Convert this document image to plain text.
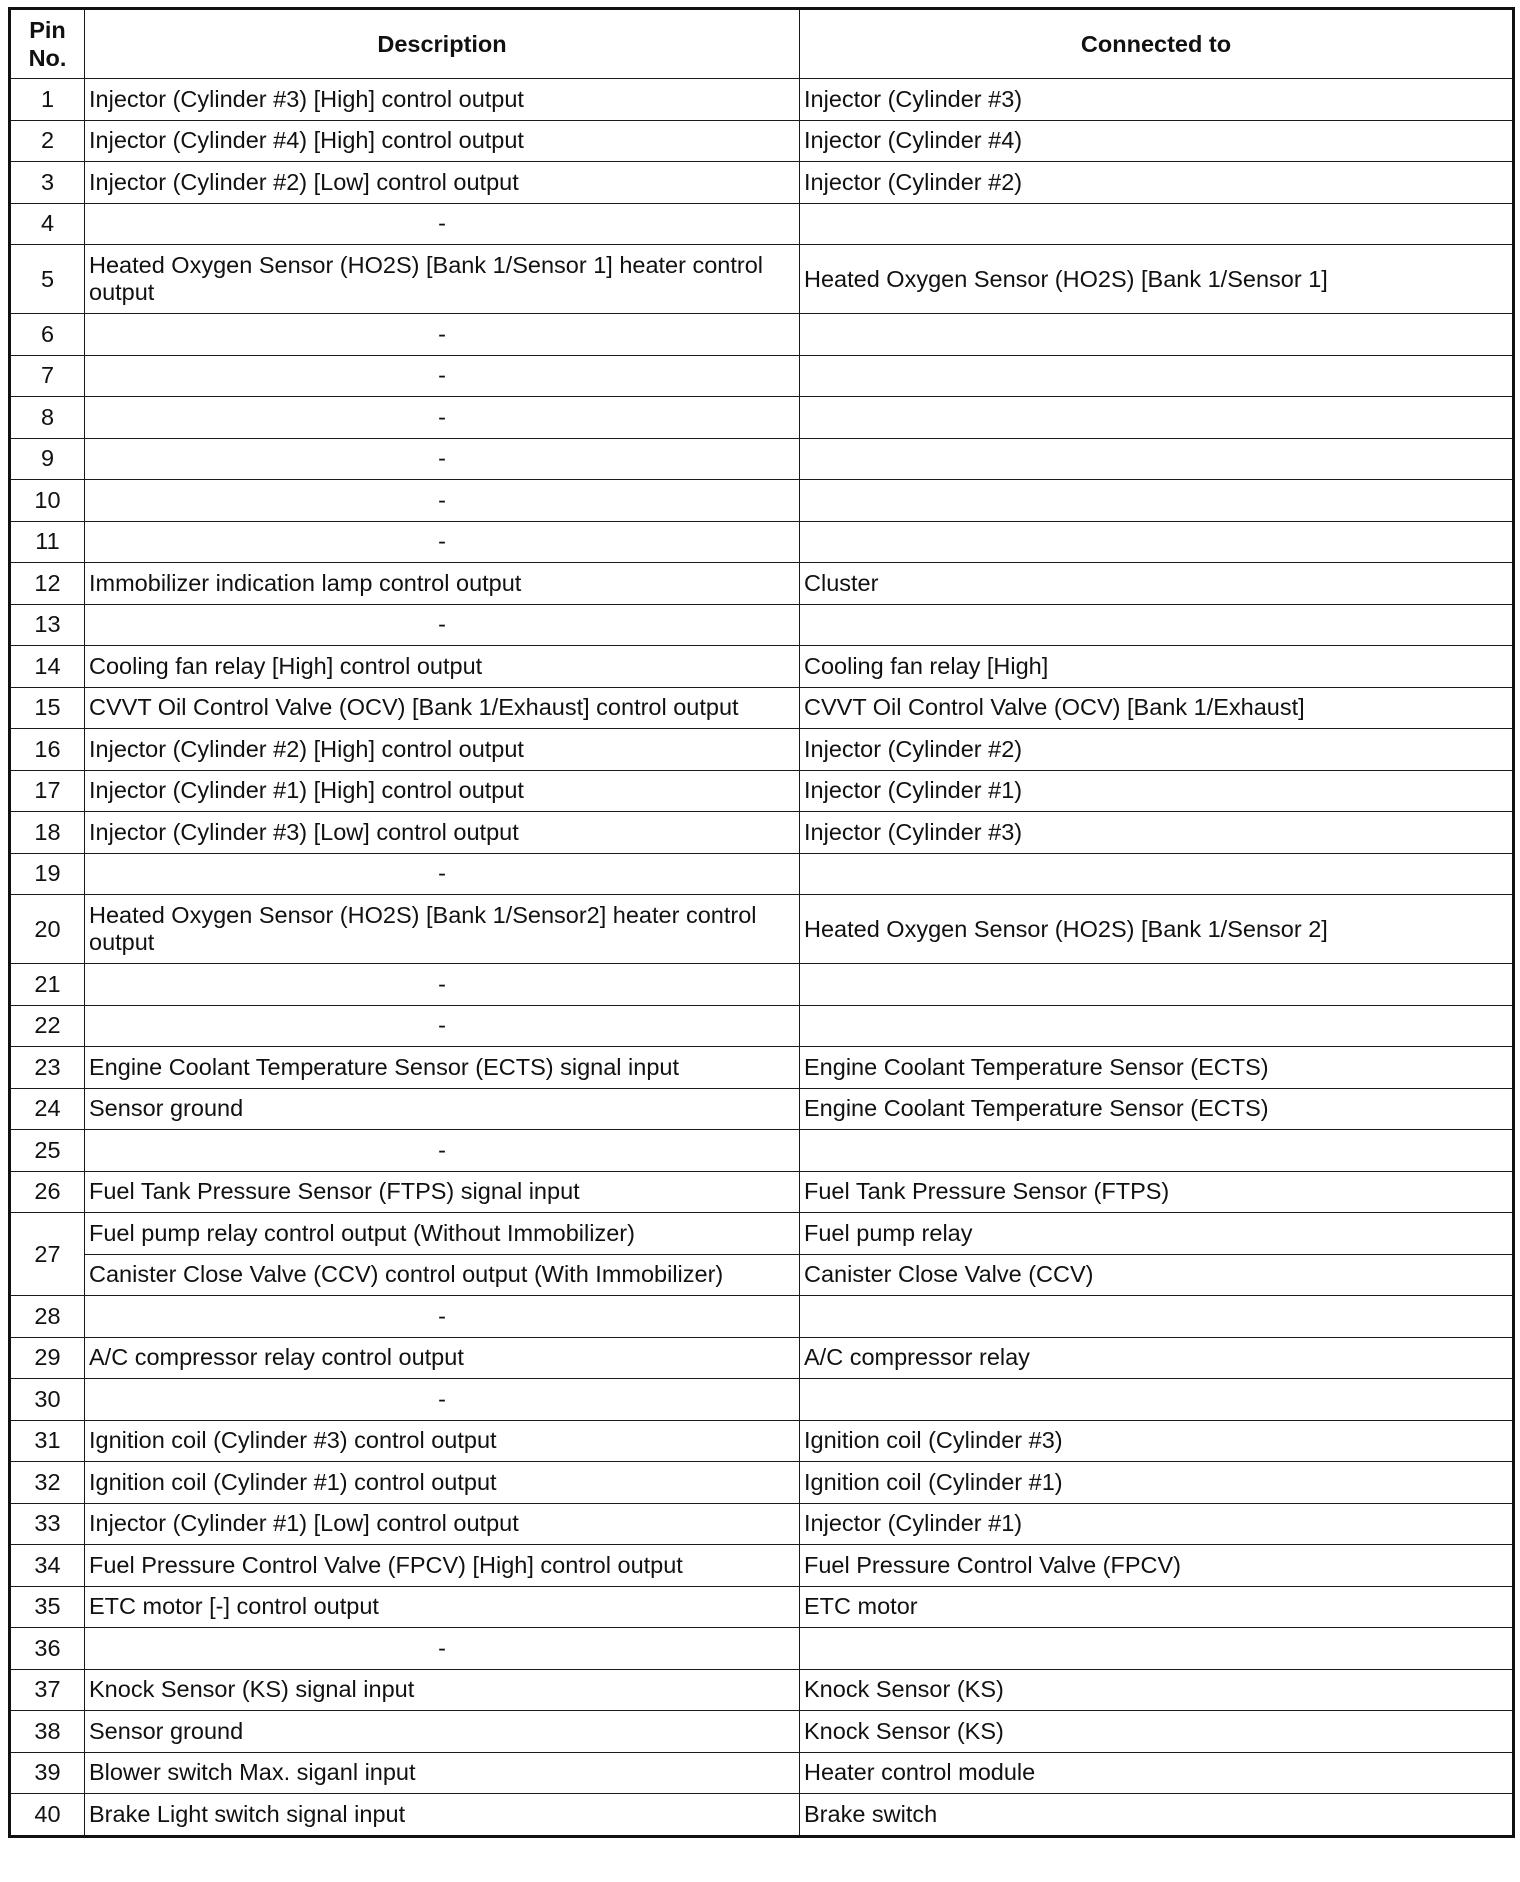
Pin
No.	Description	Connected to
1	Injector (Cylinder #3) [High] control output	Injector (Cylinder #3)
2	Injector (Cylinder #4) [High] control output	Injector (Cylinder #4)
3	Injector (Cylinder #2) [Low] control output	Injector (Cylinder #2)
4	-	
5	Heated Oxygen Sensor (HO2S) [Bank 1/Sensor 1] heater control output	Heated Oxygen Sensor (HO2S) [Bank 1/Sensor 1]
6	-	
7	-	
8	-	
9	-	
10	-	
11	-	
12	Immobilizer indication lamp control output	Cluster
13	-	
14	Cooling fan relay [High] control output	Cooling fan relay [High]
15	CVVT Oil Control Valve (OCV) [Bank 1/Exhaust] control output	CVVT Oil Control Valve (OCV) [Bank 1/Exhaust]
16	Injector (Cylinder #2) [High] control output	Injector (Cylinder #2)
17	Injector (Cylinder #1) [High] control output	Injector (Cylinder #1)
18	Injector (Cylinder #3) [Low] control output	Injector (Cylinder #3)
19	-	
20	Heated Oxygen Sensor (HO2S) [Bank 1/Sensor2] heater control output	Heated Oxygen Sensor (HO2S) [Bank 1/Sensor 2]
21	-	
22	-	
23	Engine Coolant Temperature Sensor (ECTS) signal input	Engine Coolant Temperature Sensor (ECTS)
24	Sensor ground	Engine Coolant Temperature Sensor (ECTS)
25	-	
26	Fuel Tank Pressure Sensor (FTPS) signal input	Fuel Tank Pressure Sensor (FTPS)
27	Fuel pump relay control output (Without Immobilizer)	Fuel pump relay
	Canister Close Valve (CCV) control output (With Immobilizer)	Canister Close Valve (CCV)
28	-	
29	A/C compressor relay control output	A/C compressor relay
30	-	
31	Ignition coil (Cylinder #3) control output	Ignition coil (Cylinder #3)
32	Ignition coil (Cylinder #1) control output	Ignition coil (Cylinder #1)
33	Injector (Cylinder #1) [Low] control output	Injector (Cylinder #1)
34	Fuel Pressure Control Valve (FPCV) [High] control output	Fuel Pressure Control Valve (FPCV)
35	ETC motor [-] control output	ETC motor
36	-	
37	Knock Sensor (KS) signal input	Knock Sensor (KS)
38	Sensor ground	Knock Sensor (KS)
39	Blower switch Max. siganl input	Heater control module
40	Brake Light switch signal input	Brake switch
